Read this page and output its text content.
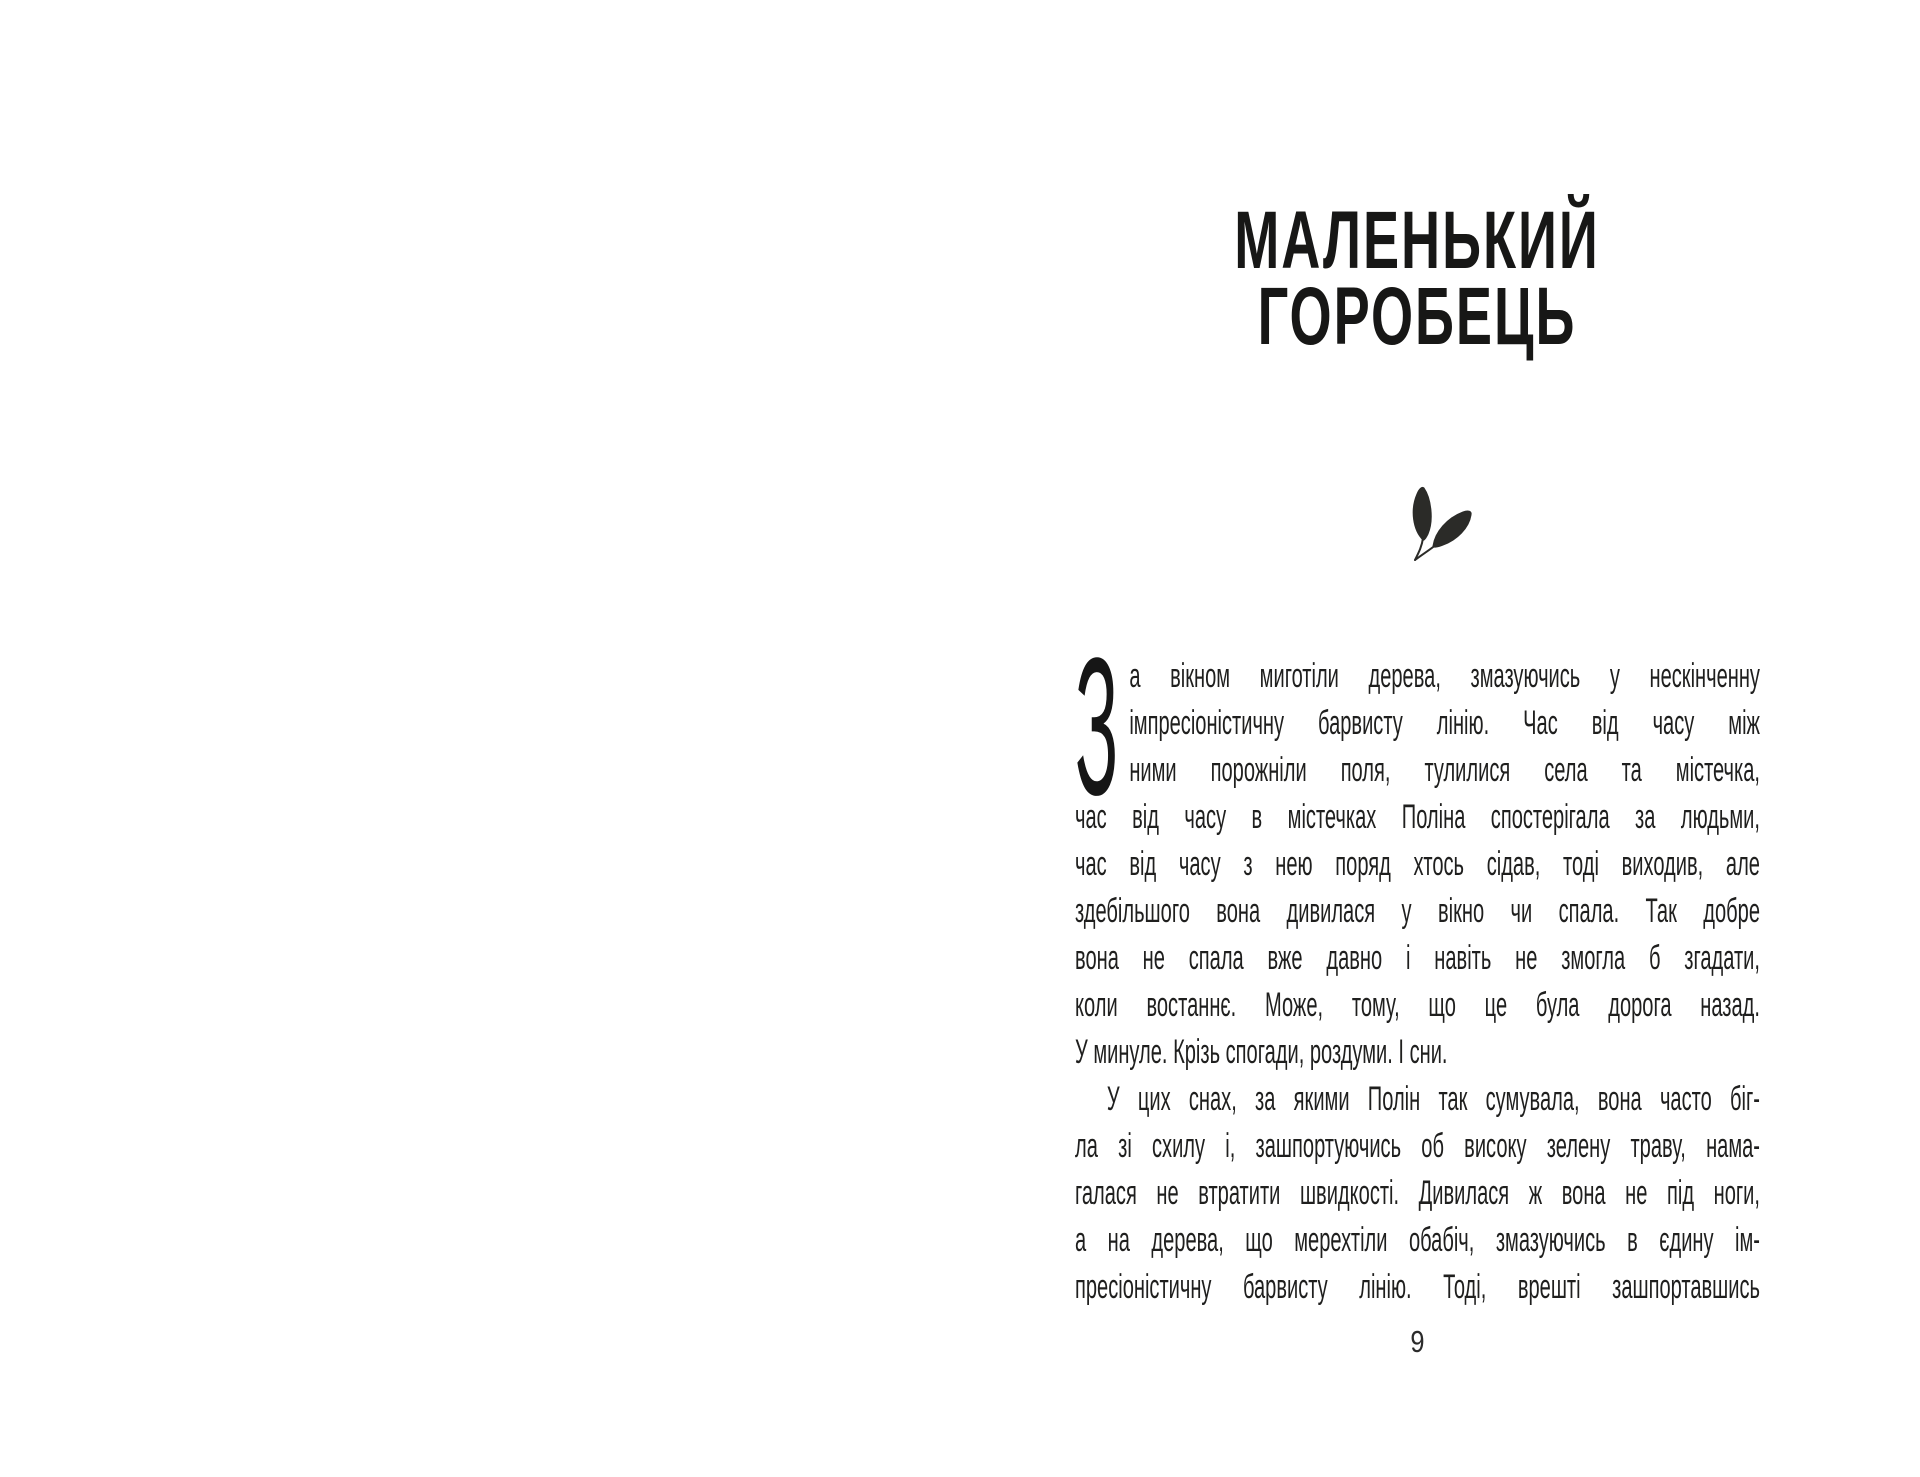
МАЛЕНЬКИЙ
ГОРОБЕЦЬ
З а вікном миготіли дерева, змазуючись у нескінченну
імпресіоністичну барвисту лінію. Час від часу між
ними порожніли поля, тулилися села та містечка,
час від часу в містечках Поліна спостерігала за людьми,
час від часу з нею поряд хтось сідав, тоді виходив, але
здебільшого вона дивилася у вікно чи спала. Так добре
вона не спала вже давно і навіть не змогла б згадати,
коли востаннє. Може, тому, що це була дорога назад.
У минуле. Крізь спогади, роздуми. І сни.
У цих снах, за якими Полін так сумувала, вона часто біг-
ла зі схилу і, зашпортуючись об високу зелену траву, нама-
галася не втратити швидкості. Дивилася ж вона не під ноги,
а на дерева, що мерехтіли обабіч, змазуючись в єдину ім-
пресіоністичну барвисту лінію. Тоді, врешті зашпортавшись
9
